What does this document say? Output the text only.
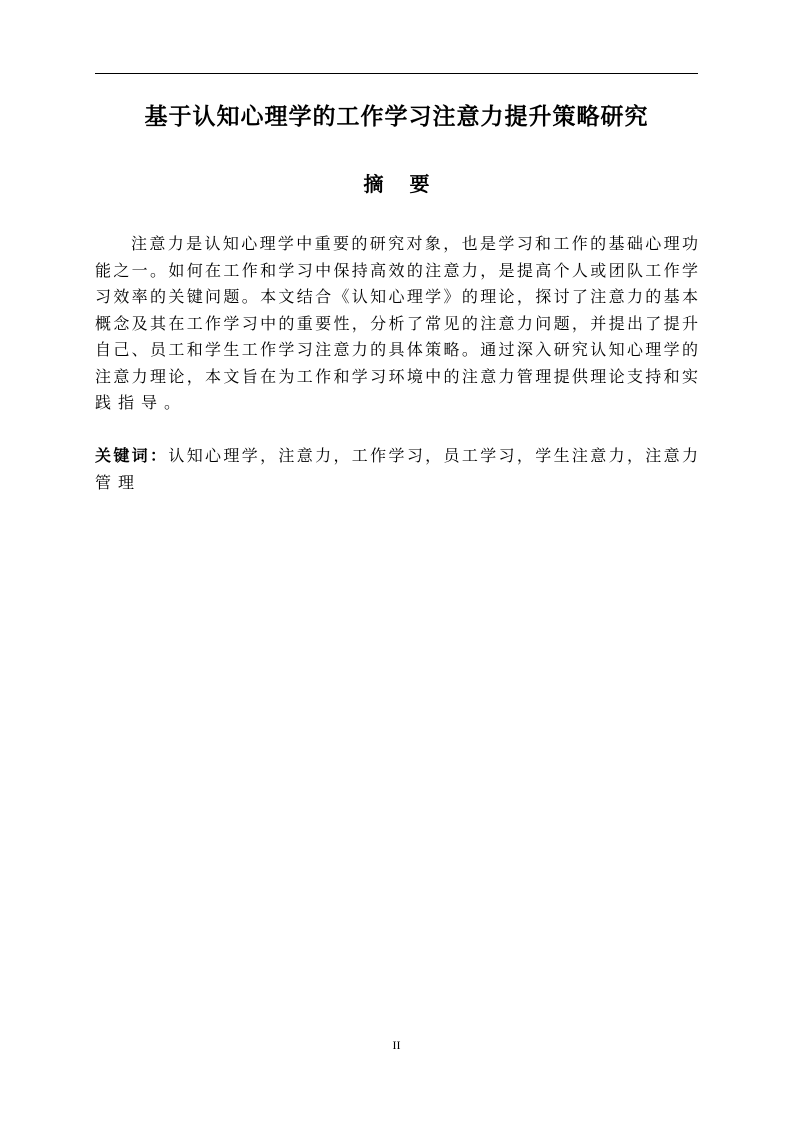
基于认知心理学的工作学习注意力提升策略研究
摘要
注意力是认知心理学中重要的研究对象，也是学习和工作的基础心理功
能之一。如何在工作和学习中保持高效的注意力，是提高个人或团队工作学
习效率的关键问题。本文结合《认知心理学》的理论，探讨了注意力的基本
概念及其在工作学习中的重要性，分析了常见的注意力问题，并提出了提升
自己、员工和学生工作学习注意力的具体策略。通过深入研究认知心理学的
注意力理论，本文旨在为工作和学习环境中的注意力管理提供理论支持和实
践指导。
关键词：认知心理学，注意力，工作学习，员工学习，学生注意力，注意力
管理
II
